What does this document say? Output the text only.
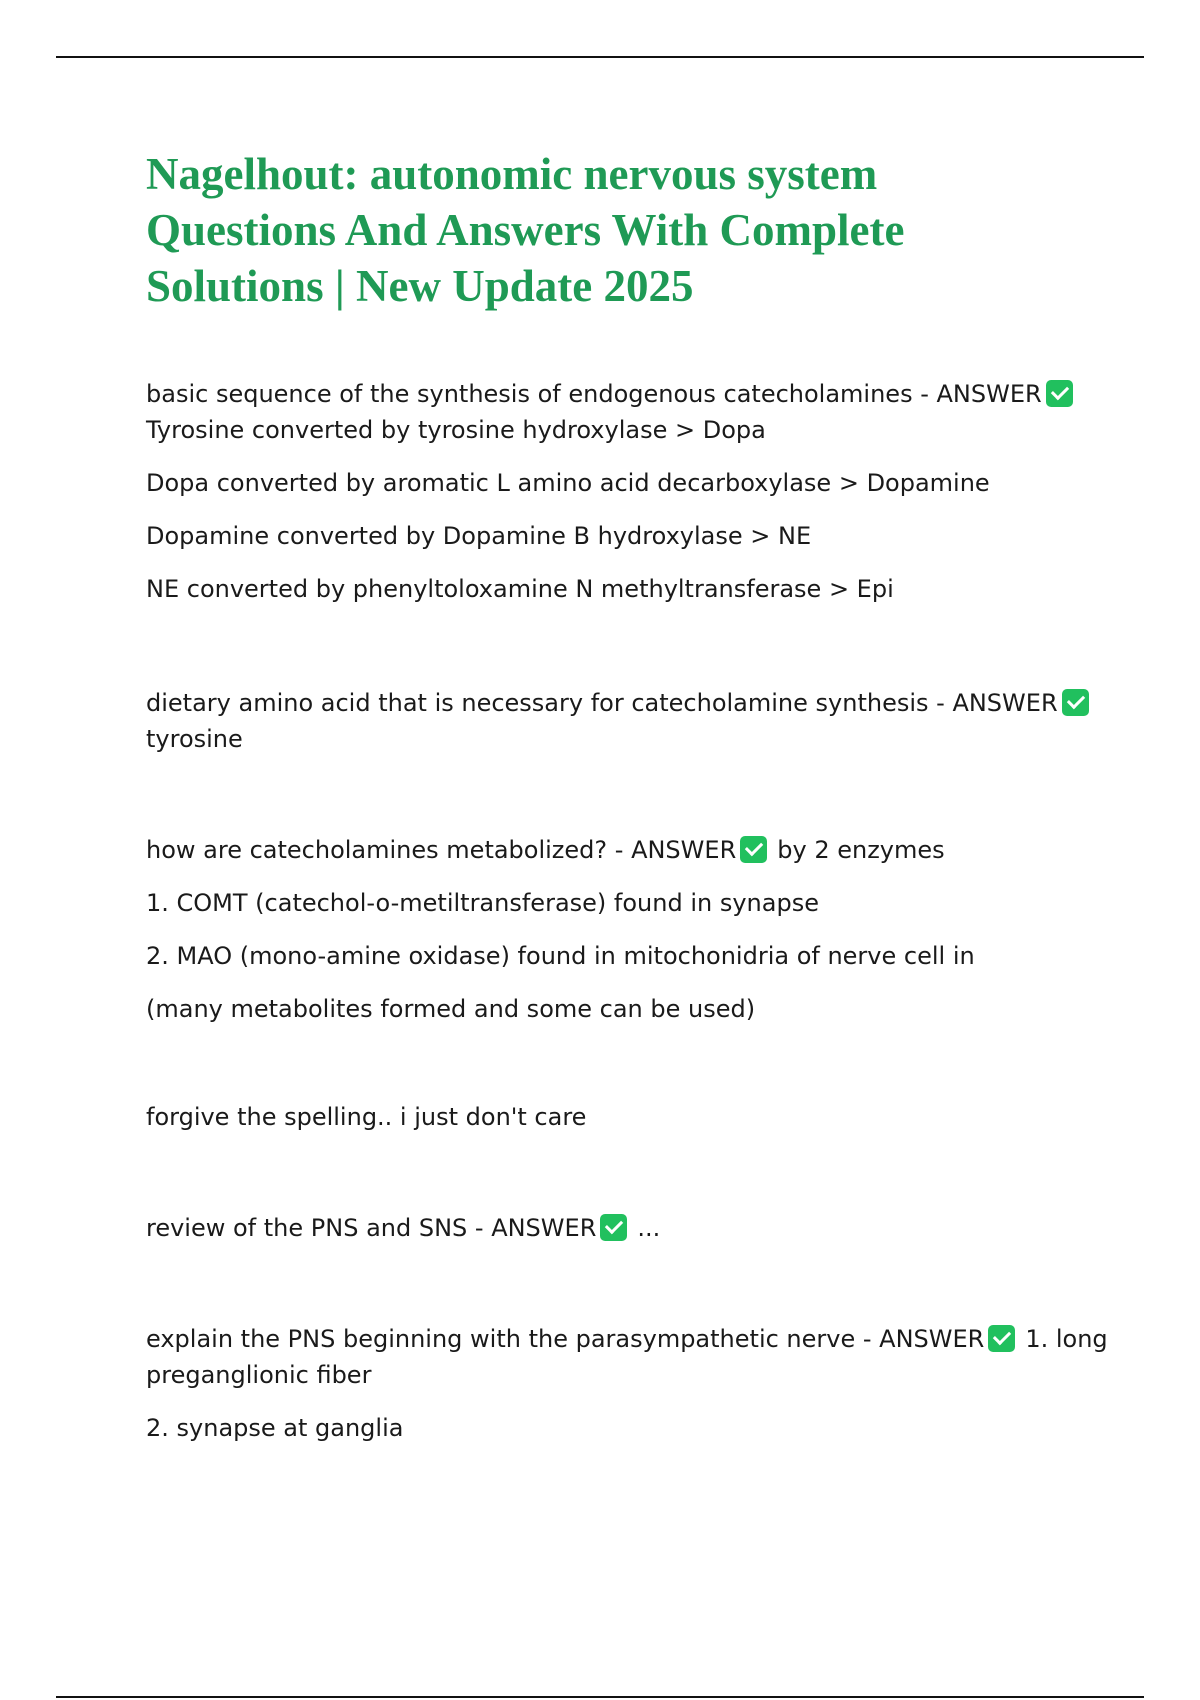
Nagelhout: autonomic nervous system
Questions And Answers With Complete
Solutions | New Update 2025

basic sequence of the synthesis of endogenous catecholamines - ANSWER

Tyrosine converted by tyrosine hydroxylase > Dopa

Dopa converted by aromatic L amino acid decarboxylase > Dopamine

Dopamine converted by Dopamine B hydroxylase > NE

NE converted by phenyltoloxamine N methyltransferase > Epi

dietary amino acid that is necessary for catecholamine synthesis - ANSWER

tyrosine

how are catecholamines metabolized? - ANSWER by 2 enzymes

1. COMT (catechol-o-metiltransferase) found in synapse

2. MAO (mono-amine oxidase) found in mitochonidria of nerve cell in

(many metabolites formed and some can be used)

forgive the spelling.. i just don't care

review of the PNS and SNS - ANSWER ...

explain the PNS beginning with the parasympathetic nerve - ANSWER 1. long

preganglionic fiber

2. synapse at ganglia
